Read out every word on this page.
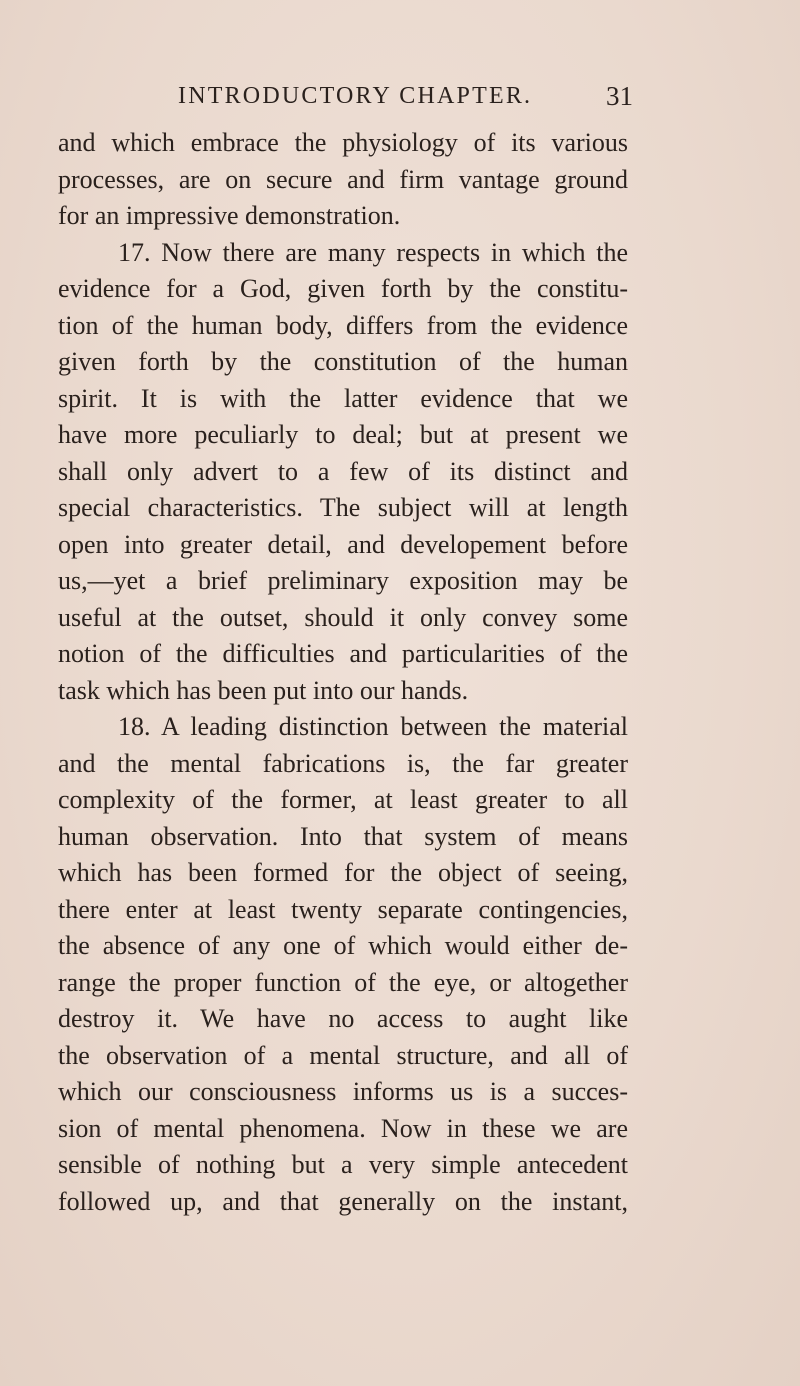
INTRODUCTORY CHAPTER.	31
and which embrace the physiology of its various
processes, are on secure and firm vantage ground
for an impressive demonstration.
17. Now there are many respects in which the
evidence for a God, given forth by the constitu-
tion of the human body, differs from the evidence
given forth by the constitution of the human
spirit. It is with the latter evidence that we
have more peculiarly to deal; but at present we
shall only advert to a few of its distinct and
special characteristics. The subject will at length
open into greater detail, and developement before
us,—yet a brief preliminary exposition may be
useful at the outset, should it only convey some
notion of the difficulties and particularities of the
task which has been put into our hands.
18. A leading distinction between the material
and the mental fabrications is, the far greater
complexity of the former, at least greater to all
human observation. Into that system of means
which has been formed for the object of seeing,
there enter at least twenty separate contingencies,
the absence of any one of which would either de-
range the proper function of the eye, or altogether
destroy it. We have no access to aught like
the observation of a mental structure, and all of
which our consciousness informs us is a succes-
sion of mental phenomena. Now in these we are
sensible of nothing but a very simple antecedent
followed up, and that generally on the instant,
